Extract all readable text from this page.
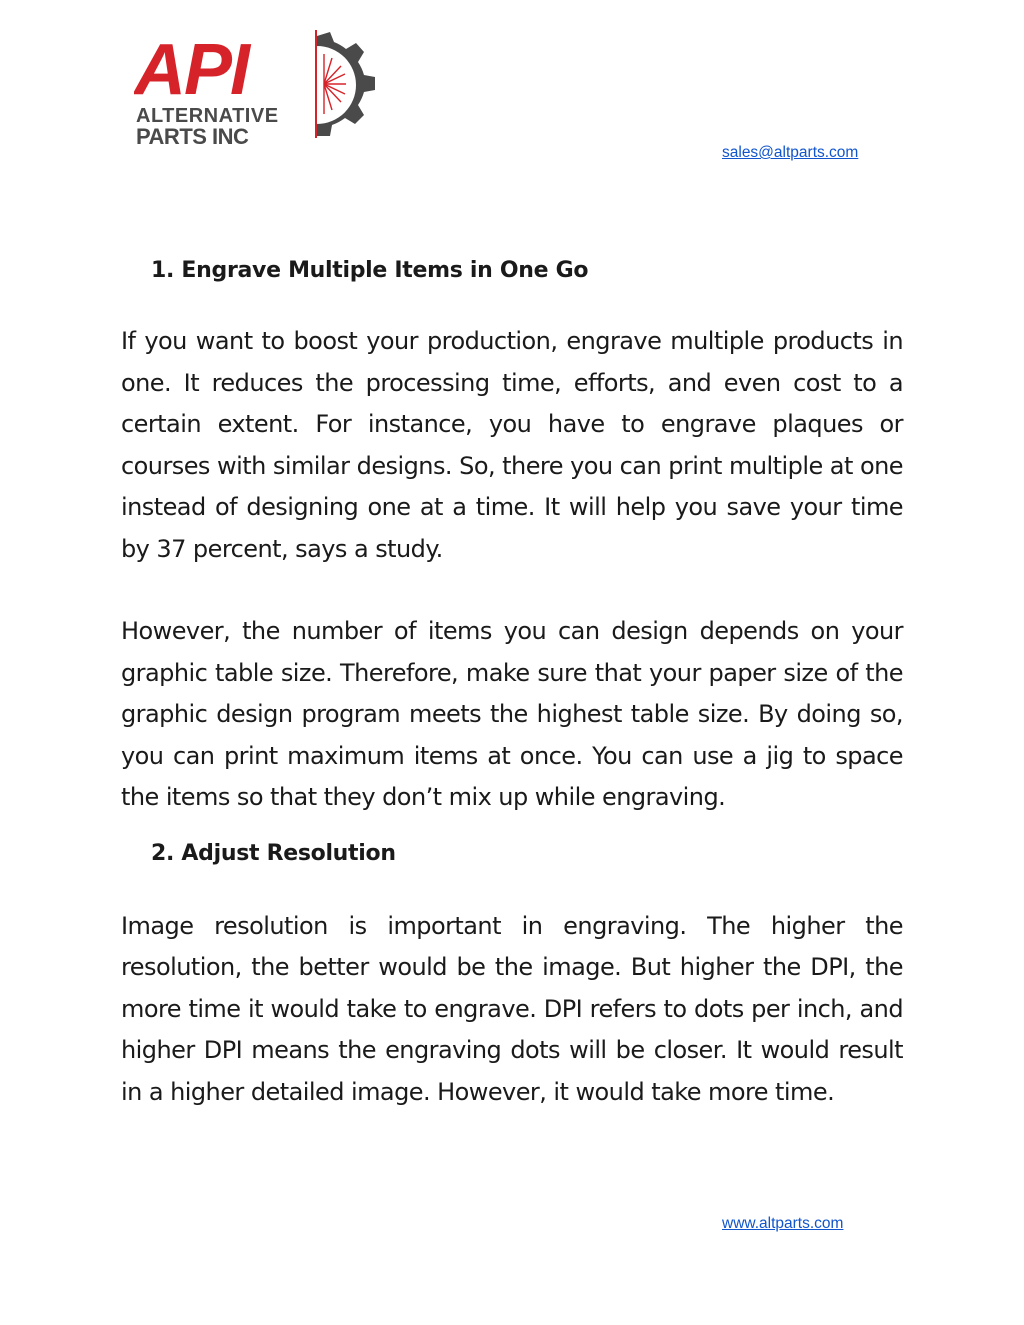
API
ALTERNATIVE
PARTS INC
sales@altparts.com
1. Engrave Multiple Items in One Go

If you want to boost your production, engrave multiple products in one. It reduces the processing time, efforts, and even cost to a certain extent. For instance, you have to engrave plaques or courses with similar designs. So, there you can print multiple at one instead of designing one at a time. It will help you save your time by 37 percent, says a study.

However, the number of items you can design depends on your graphic table size. Therefore, make sure that your paper size of the graphic design program meets the highest table size. By doing so, you can print maximum items at once. You can use a jig to space the items so that they don’t mix up while engraving.

2. Adjust Resolution

Image resolution is important in engraving. The higher the resolution, the better would be the image. But higher the DPI, the more time it would take to engrave. DPI refers to dots per inch, and higher DPI means the engraving dots will be closer. It would result in a higher detailed image. However, it would take more time.

www.altparts.com
